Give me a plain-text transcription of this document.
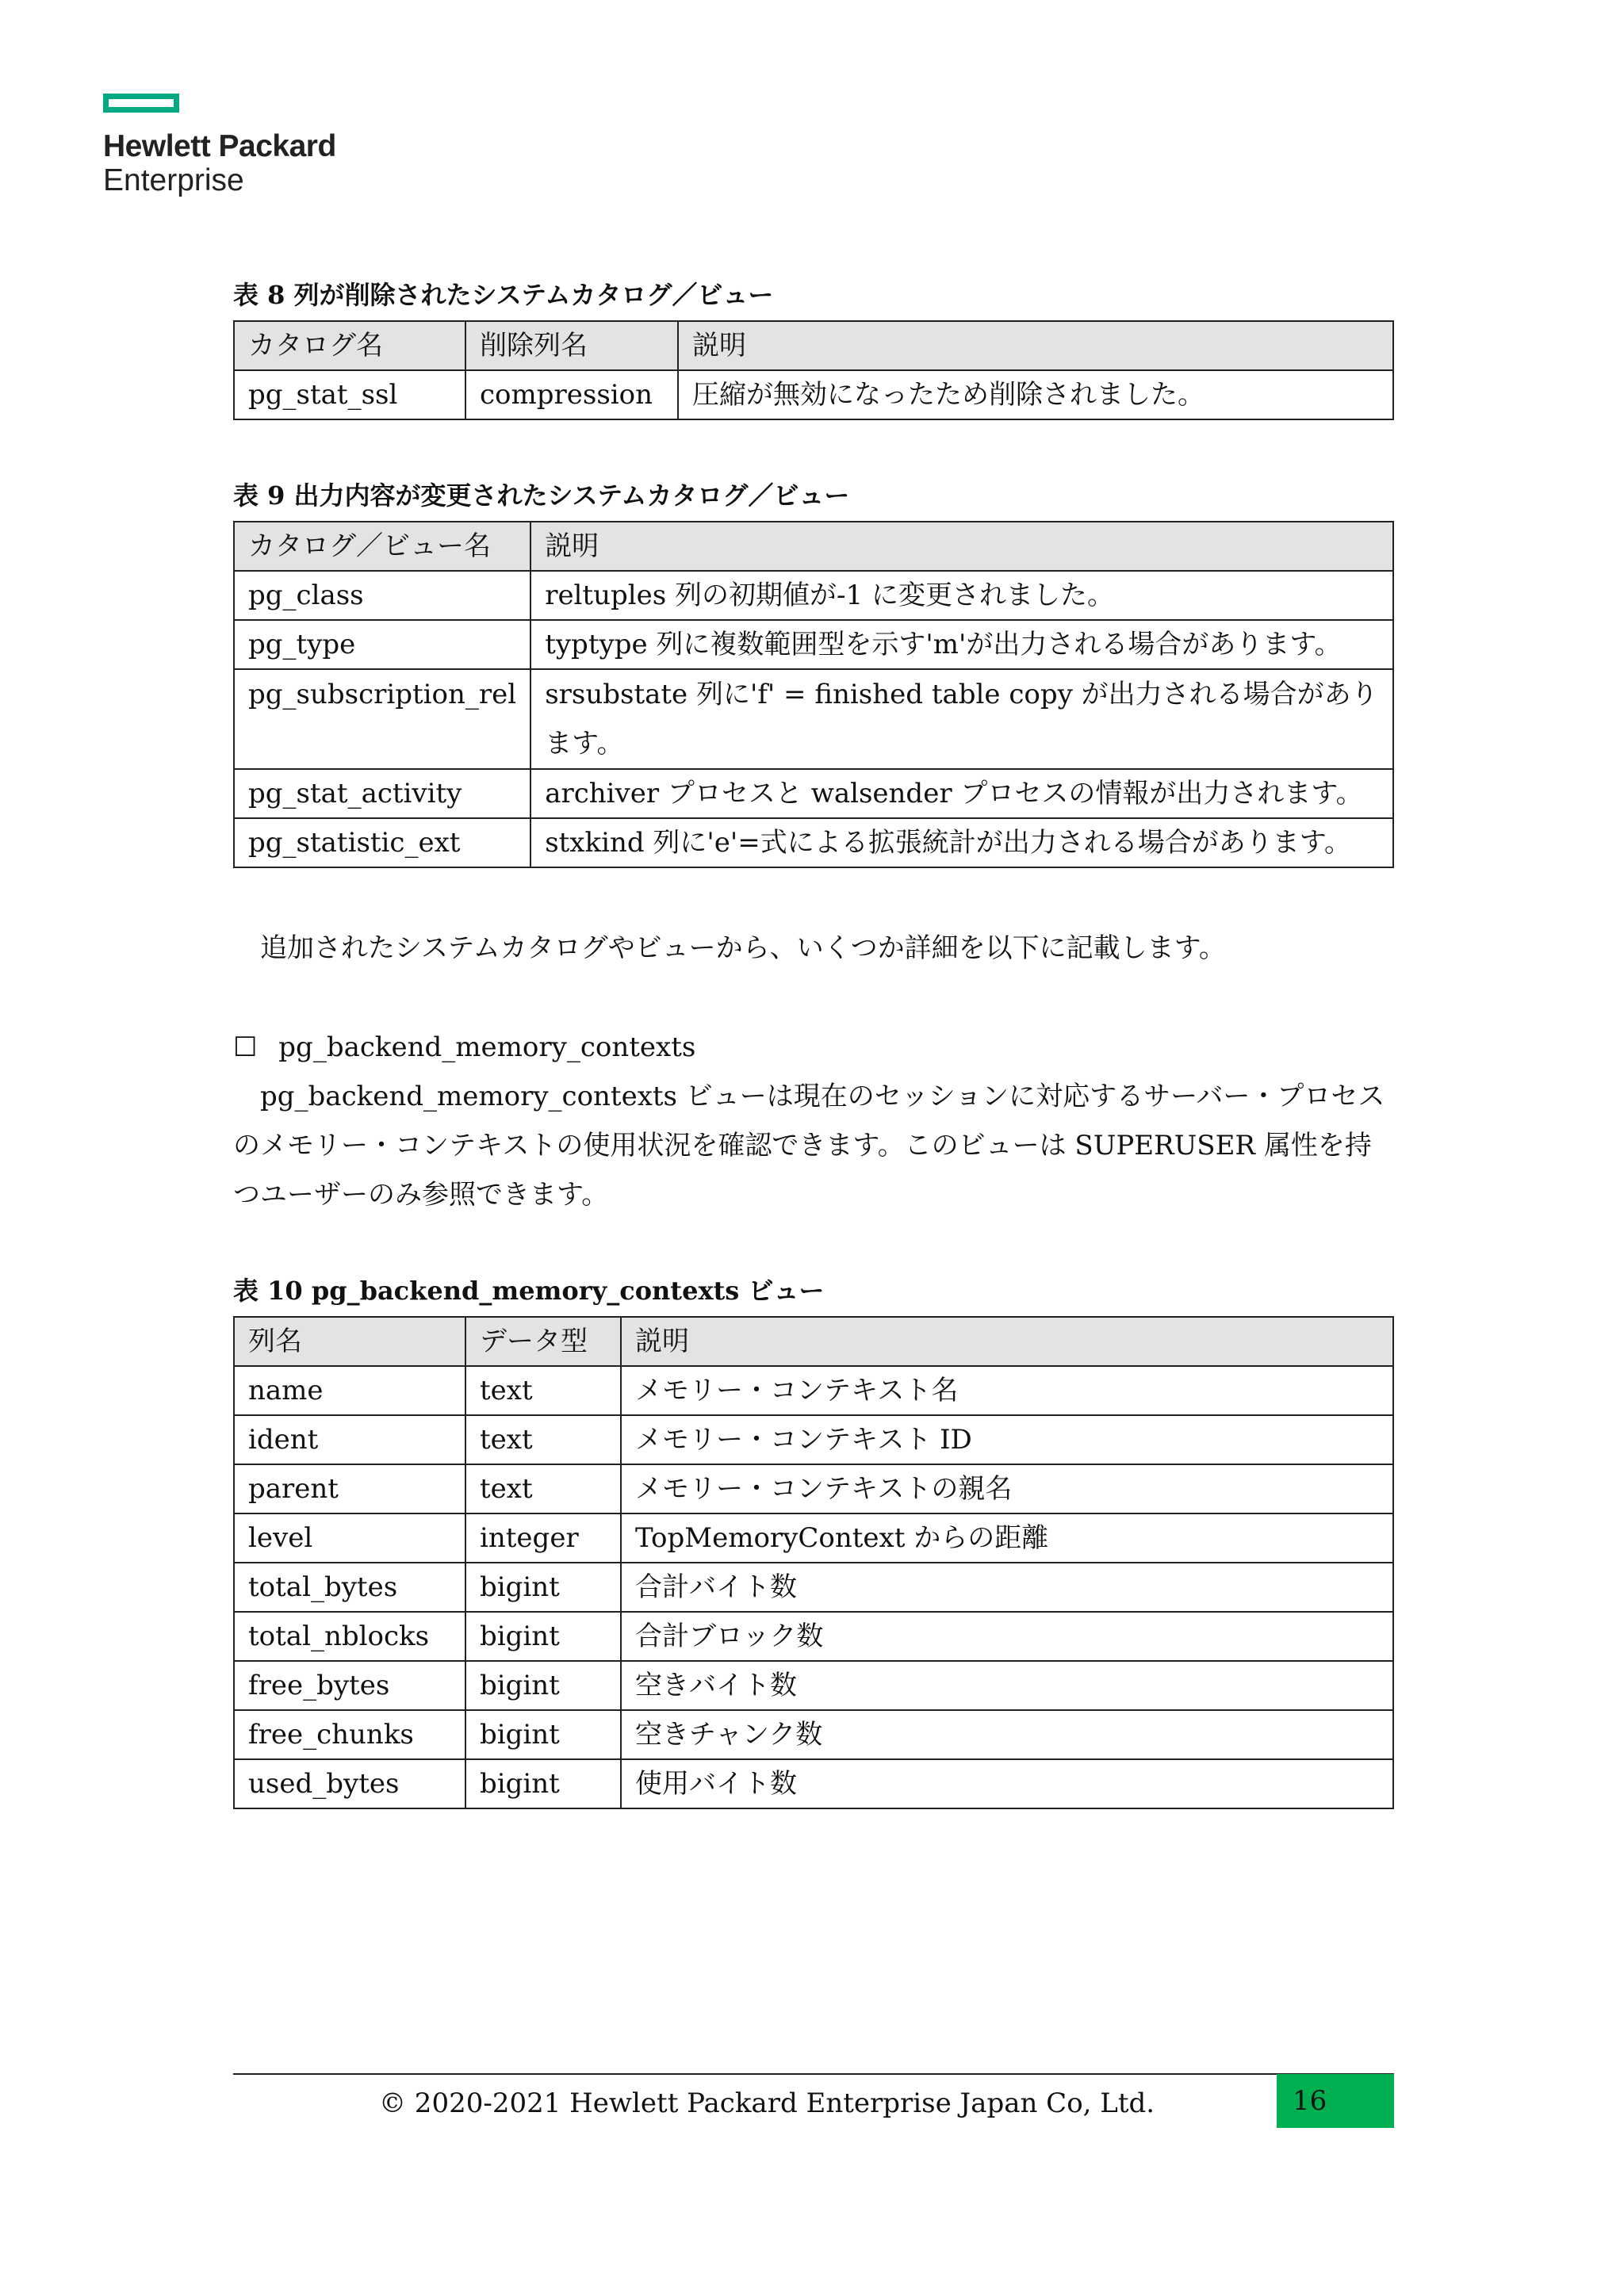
Hewlett Packard
Enterprise
表 8 列が削除されたシステムカタログ／ビュー
カタログ名	削除列名	説明
pg_stat_ssl	compression	圧縮が無効になったため削除されました。
表 9 出力内容が変更されたシステムカタログ／ビュー
カタログ／ビュー名	説明
pg_class	reltuples 列の初期値が-1 に変更されました。
pg_type	typtype 列に複数範囲型を示す'm'が出力される場合があります。
pg_subscription_rel	srsubstate 列に'f' = finished table copy が出力される場合があります。
pg_stat_activity	archiver プロセスと walsender プロセスの情報が出力されます。
pg_statistic_ext	stxkind 列に'e'=式による拡張統計が出力される場合があります。
追加されたシステムカタログやビューから、いくつか詳細を以下に記載します。
☐ pg_backend_memory_contexts
pg_backend_memory_contexts ビューは現在のセッションに対応するサーバー・プロセスのメモリー・コンテキストの使用状況を確認できます。このビューは SUPERUSER 属性を持つユーザーのみ参照できます。
表 10 pg_backend_memory_contexts ビュー
列名	データ型	説明
name	text	メモリー・コンテキスト名
ident	text	メモリー・コンテキスト ID
parent	text	メモリー・コンテキストの親名
level	integer	TopMemoryContext からの距離
total_bytes	bigint	合計バイト数
total_nblocks	bigint	合計ブロック数
free_bytes	bigint	空きバイト数
free_chunks	bigint	空きチャンク数
used_bytes	bigint	使用バイト数
© 2020-2021 Hewlett Packard Enterprise Japan Co, Ltd.	16
